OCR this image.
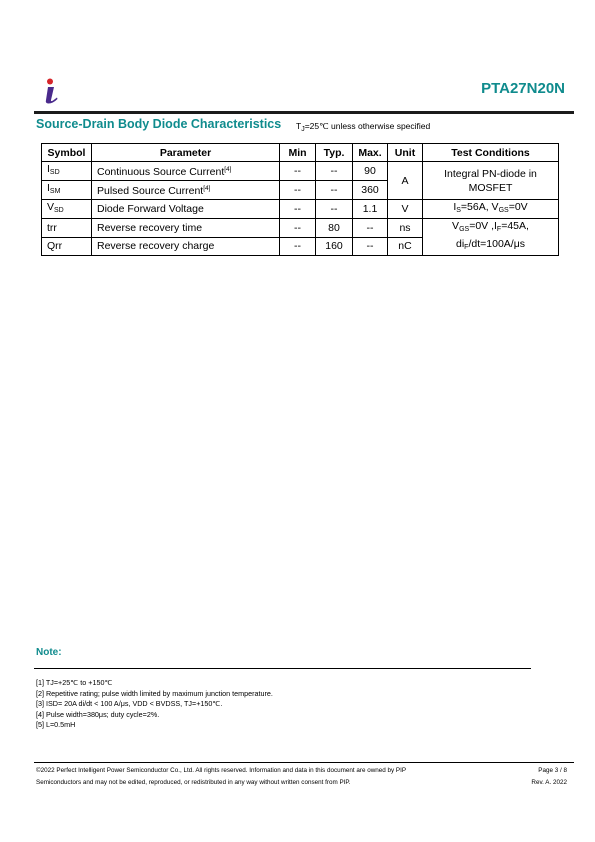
PTA27N20N
Source-Drain Body Diode Characteristics $T_J=25℃$ unless otherwise specified
Symbol	Parameter	Min	Typ.	Max.	Unit	Test Conditions
$I_{SD}$	Continuous Source Current[4]	--	--	90	A	Integral PN-diode in MOSFET
$I_{SM}$	Pulsed Source Current[4]	--	--	360		
$V_{SD}$	Diode Forward Voltage	--	--	1.1	V	$I_S=56A$, $V_{GS}=0V$
trr	Reverse recovery time	--	80	--	ns	$V_{GS}=0V$ $,I_F=45A$,
$di_F/dt=100A/\mu s$

Qrr	Reverse recovery charge	--	160	--	nC	
Note:
[1] TJ=+25℃ to +150℃
[2] Repetitive rating; pulse width limited by maximum junction temperature.
[3] ISD= 20A di/dt < 100 A/μs, VDD < BVDSS, TJ=+150℃.
[4] Pulse width=380μs; duty cycle=2%.
[5] L=0.5mH
©2022 Perfect Intelligent Power Semiconductor Co., Ltd. All rights reserved. Information and data in this document are owned by PIP
Semiconductors and may not be edited, reproduced, or redistributed in any way without written consent from PIP.
Page 3 / 8
Rev. A. 2022
